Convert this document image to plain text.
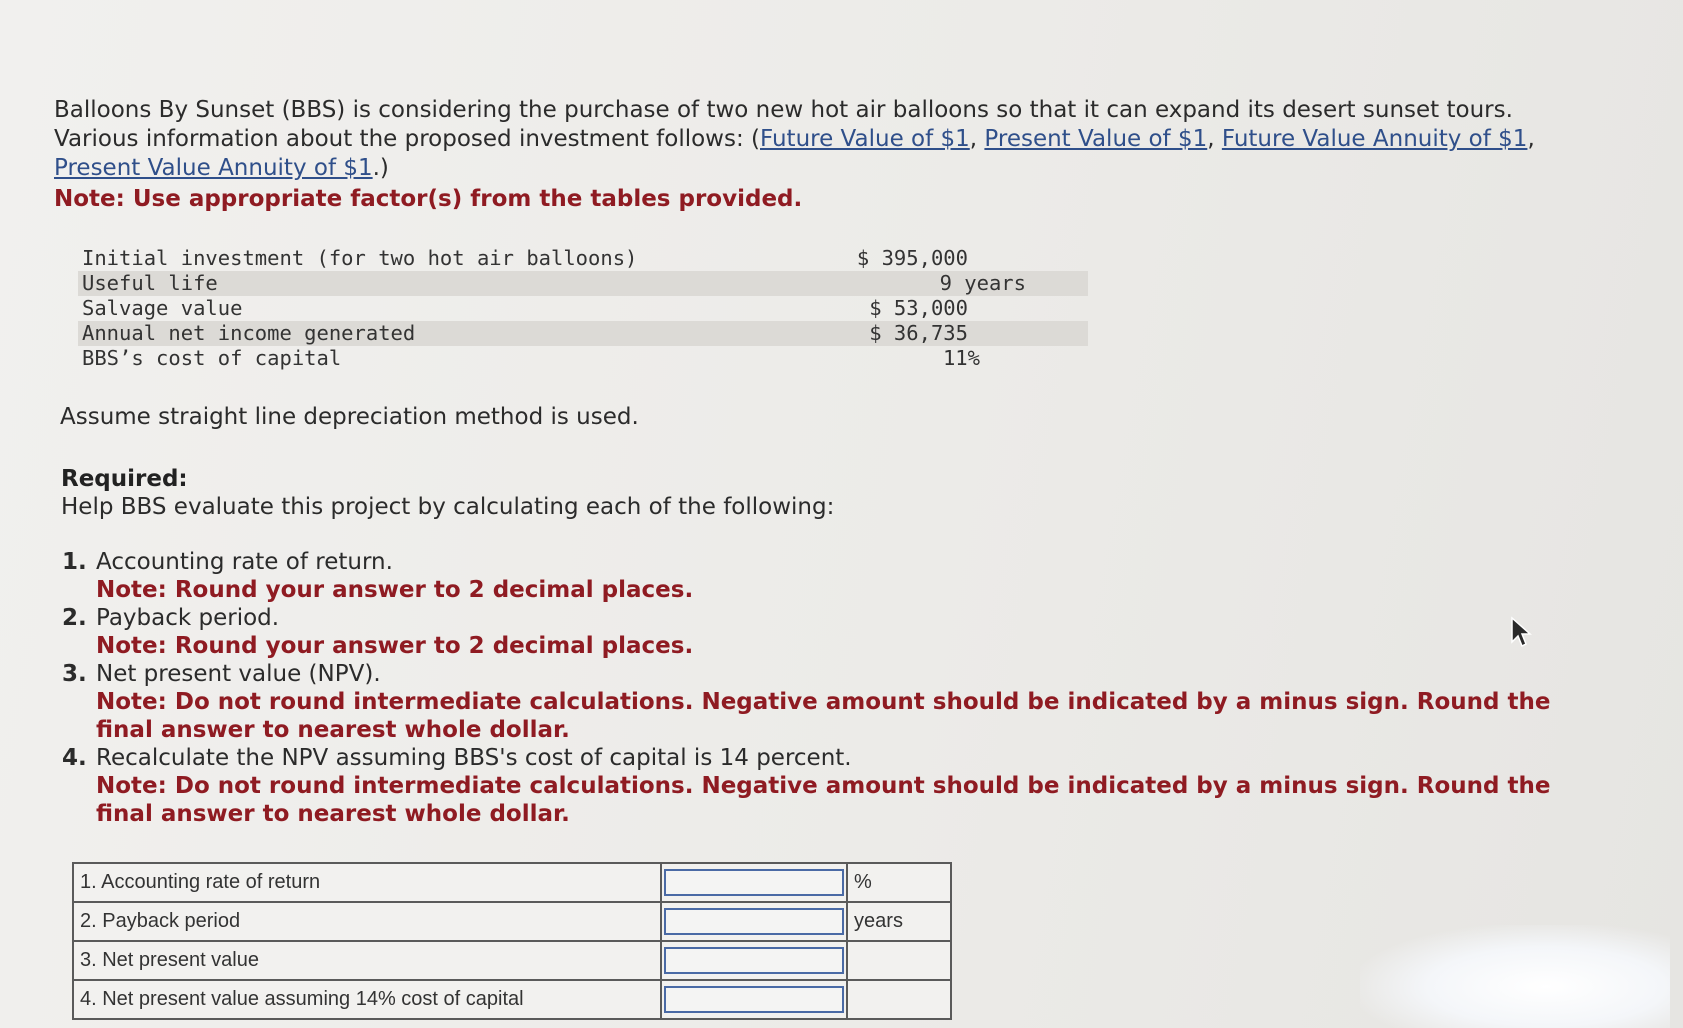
Balloons By Sunset (BBS) is considering the purchase of two new hot air balloons so that it can expand its desert sunset tours. Various information about the proposed investment follows: (Future Value of $1, Present Value of $1, Future Value Annuity of $1, Present Value Annuity of $1.)
Note: Use appropriate factor(s) from the tables provided.
Initial investment (for two hot air balloons)	$ 395,000
Useful life	9 years
Salvage value	$ 53,000
Annual net income generated	$ 36,735
BBS’s cost of capital	11%
Assume straight line depreciation method is used.
Required:
Help BBS evaluate this project by calculating each of the following:
1. Accounting rate of return.
Note: Round your answer to 2 decimal places.
2. Payback period.
Note: Round your answer to 2 decimal places.
3. Net present value (NPV).
Note: Do not round intermediate calculations. Negative amount should be indicated by a minus sign. Round the final answer to nearest whole dollar.
4. Recalculate the NPV assuming BBS's cost of capital is 14 percent.
Note: Do not round intermediate calculations. Negative amount should be indicated by a minus sign. Round the final answer to nearest whole dollar.
1. Accounting rate of return		%
2. Payback period		years
3. Net present value		
4. Net present value assuming 14% cost of capital		
